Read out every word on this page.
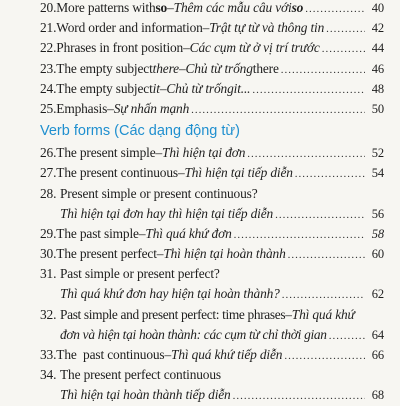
20. More patterns with so – Thêm các mẫu câu với so .....	40
21. Word order and information – Trật tự từ và thông tin .....	42
22. Phrases in front position – Các cụm từ ở vị trí trước .....	44
23. The empty subject there – Chủ từ trống there .....	46
24. The empty subject it – Chủ từ trống it... .....	48
25. Emphasis – Sự nhấn mạnh .....	50
Verb forms (Các dạng động từ)
26. The present simple – Thì hiện tại đơn .....	52
27. The present continuous – Thì hiện tại tiếp diễn .....	54
28. Present simple or present continuous?
Thì hiện tại đơn hay thì hiện tại tiếp diễn .....	56
29. The past simple – Thì quá khứ đơn .....	58
30. The present perfect – Thì hiện tại hoàn thành .....	60
31. Past simple or present perfect?
Thì quá khứ đơn hay hiện tại hoàn thành? .....	62
32. Past simple and present perfect: time phrases – Thì quá khứ
đơn và hiện tại hoàn thành: các cụm từ chỉ thời gian .....	64
33. The  past continuous – Thì quá khứ tiếp diễn .....	66
34. The present perfect continuous
Thì hiện tại hoàn thành tiếp diễn .....	68
